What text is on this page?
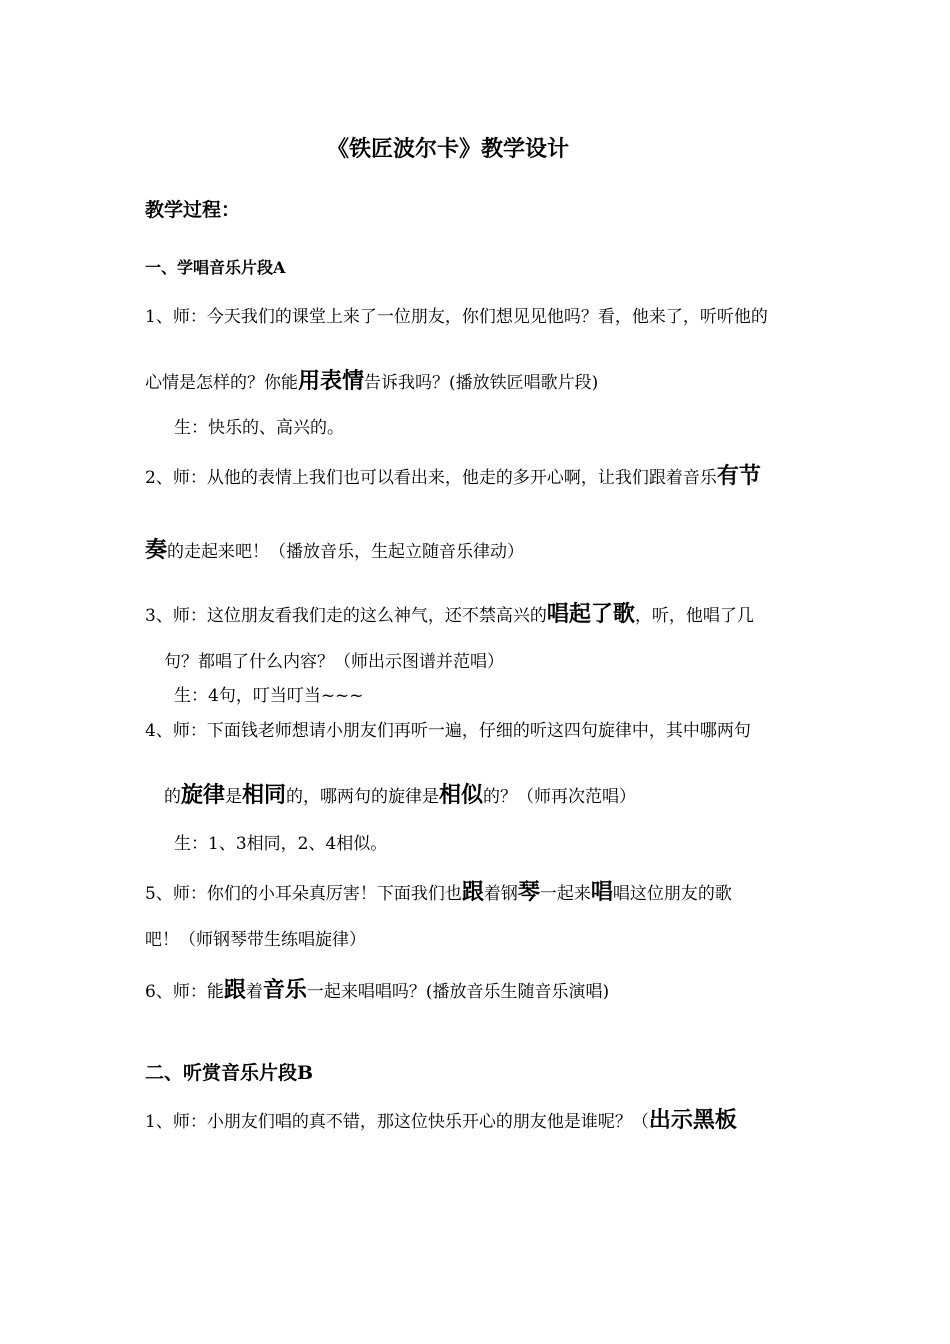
《铁匠波尔卡》教学设计
教学过程：
一、学唱音乐片段A
1、师：今天我们的课堂上来了一位朋友，你们想见见他吗？看，他来了，听听他的
心情是怎样的？你能用表情告诉我吗？(播放铁匠唱歌片段)
生：快乐的、高兴的。
2、师：从他的表情上我们也可以看出来，他走的多开心啊，让我们跟着音乐有节
奏的走起来吧！（播放音乐，生起立随音乐律动）
3、师：这位朋友看我们走的这么神气，还不禁高兴的唱起了歌，听，他唱了几
句？都唱了什么内容？（师出示图谱并范唱）
生：4句，叮当叮当~~~
4、师：下面钱老师想请小朋友们再听一遍，仔细的听这四句旋律中，其中哪两句
的旋律是相同的，哪两句的旋律是相似的？（师再次范唱）
生：1、3相同，2、4相似。
5、师：你们的小耳朵真厉害！下面我们也跟着钢琴一起来唱唱这位朋友的歌
吧！（师钢琴带生练唱旋律）
6、师：能跟着音乐一起来唱唱吗？(播放音乐生随音乐演唱)
二、听赏音乐片段B
1、师：小朋友们唱的真不错，那这位快乐开心的朋友他是谁呢？（出示黑板
